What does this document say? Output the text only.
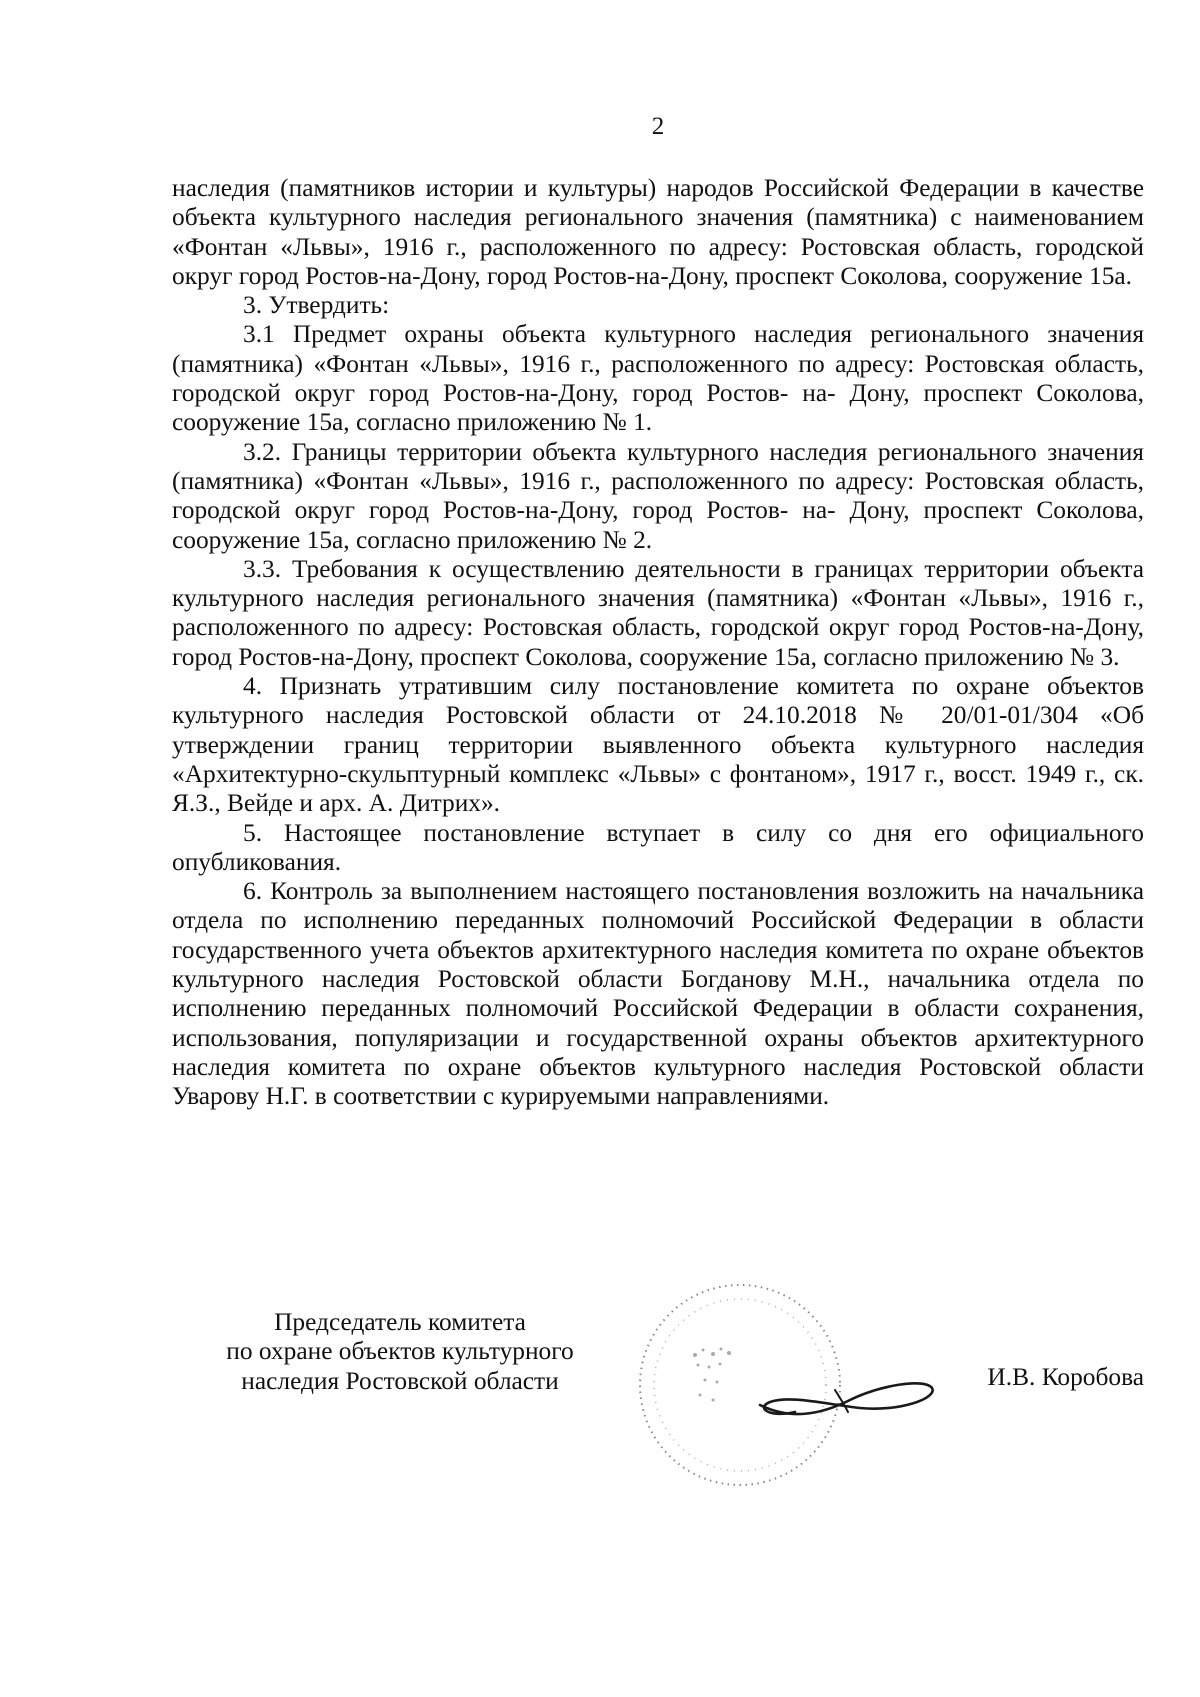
2

наследия (памятников истории и культуры) народов Российской Федерации в качестве объекта культурного наследия регионального значения (памятника) с наименованием «Фонтан «Львы», 1916 г., расположенного по адресу: Ростовская область, городской округ город Ростов-на-Дону, город Ростов-на-Дону, проспект Соколова, сооружение 15а.

3. Утвердить:

3.1 Предмет охраны объекта культурного наследия регионального значения (памятника) «Фонтан «Львы», 1916 г., расположенного по адресу: Ростовская область, городской округ город Ростов-на-Дону, город Ростов- на- Дону, проспект Соколова, сооружение 15а, согласно приложению № 1.

3.2. Границы территории объекта культурного наследия регионального значения (памятника) «Фонтан «Львы», 1916 г., расположенного по адресу: Ростовская область, городской округ город Ростов-на-Дону, город Ростов- на- Дону, проспект Соколова, сооружение 15а, согласно приложению № 2.

3.3. Требования к осуществлению деятельности в границах территории объекта культурного наследия регионального значения (памятника) «Фонтан «Львы», 1916 г., расположенного по адресу: Ростовская область, городской округ город Ростов-на-Дону, город Ростов-на-Дону, проспект Соколова, сооружение 15а, согласно приложению № 3.

4. Признать утратившим силу постановление комитета по охране объектов культурного наследия Ростовской области от 24.10.2018 № 20/01-01/304 «Об утверждении границ территории выявленного объекта культурного наследия «Архитектурно-скульптурный комплекс «Львы» с фонтаном», 1917 г., восст. 1949 г., ск. Я.З., Вейде и арх. А. Дитрих».

5. Настоящее постановление вступает в силу со дня его официального опубликования.

6. Контроль за выполнением настоящего постановления возложить на начальника отдела по исполнению переданных полномочий Российской Федерации в области государственного учета объектов архитектурного наследия комитета по охране объектов культурного наследия Ростовской области Богданову М.Н., начальника отдела по исполнению переданных полномочий Российской Федерации в области сохранения, использования, популяризации и государственной охраны объектов архитектурного наследия комитета по охране объектов культурного наследия Ростовской области Уварову Н.Г. в соответствии с курируемыми направлениями.

Председатель комитета
по охране объектов культурного
наследия Ростовской области	И.В. Коробова
